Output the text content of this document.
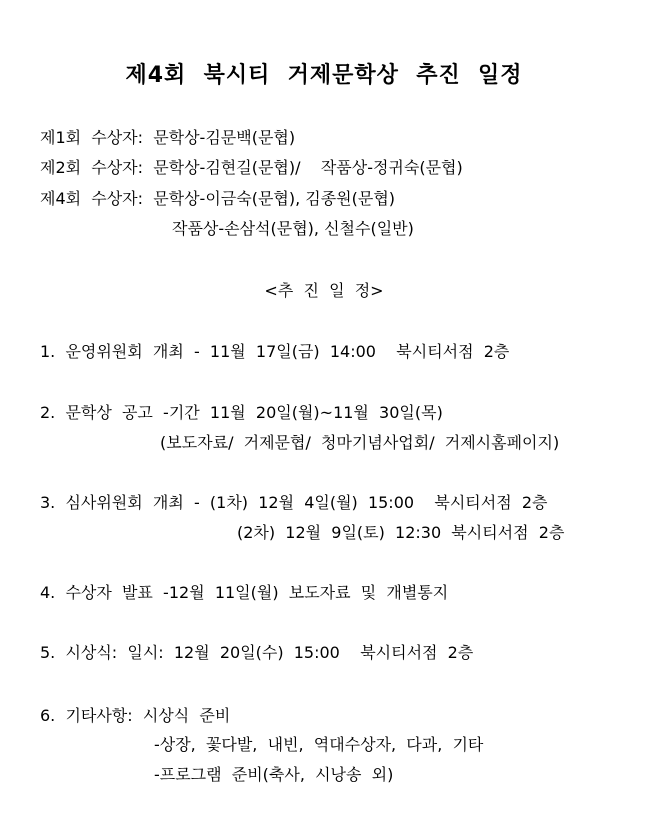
제4회  북시티  거제문학상  추진  일정
제1회  수상자:  문학상-김문백(문협)
제2회  수상자:  문학상-김현길(문협)/    작품상-정귀숙(문협)
제4회  수상자:  문학상-이금숙(문협), 김종원(문협)
작품상-손삼석(문협), 신철수(일반)
<추  진  일  정>
1.  운영위원회  개최  -  11월  17일(금)  14:00    북시티서점  2층
2.  문학상  공고  -기간  11월  20일(월)~11월  30일(목)
(보도자료/  거제문협/  청마기념사업회/  거제시홈페이지)
3.  심사위원회  개최  -  (1차)  12월  4일(월)  15:00    북시티서점  2층
(2차)  12월  9일(토)  12:30  북시티서점  2층
4.  수상자  발표  -12월  11일(월)  보도자료  및  개별통지
5.  시상식:  일시:  12월  20일(수)  15:00    북시티서점  2층
6.  기타사항:  시상식  준비
-상장,  꽃다발,  내빈,  역대수상자,  다과,  기타
-프로그램  준비(축사,  시낭송  외)
